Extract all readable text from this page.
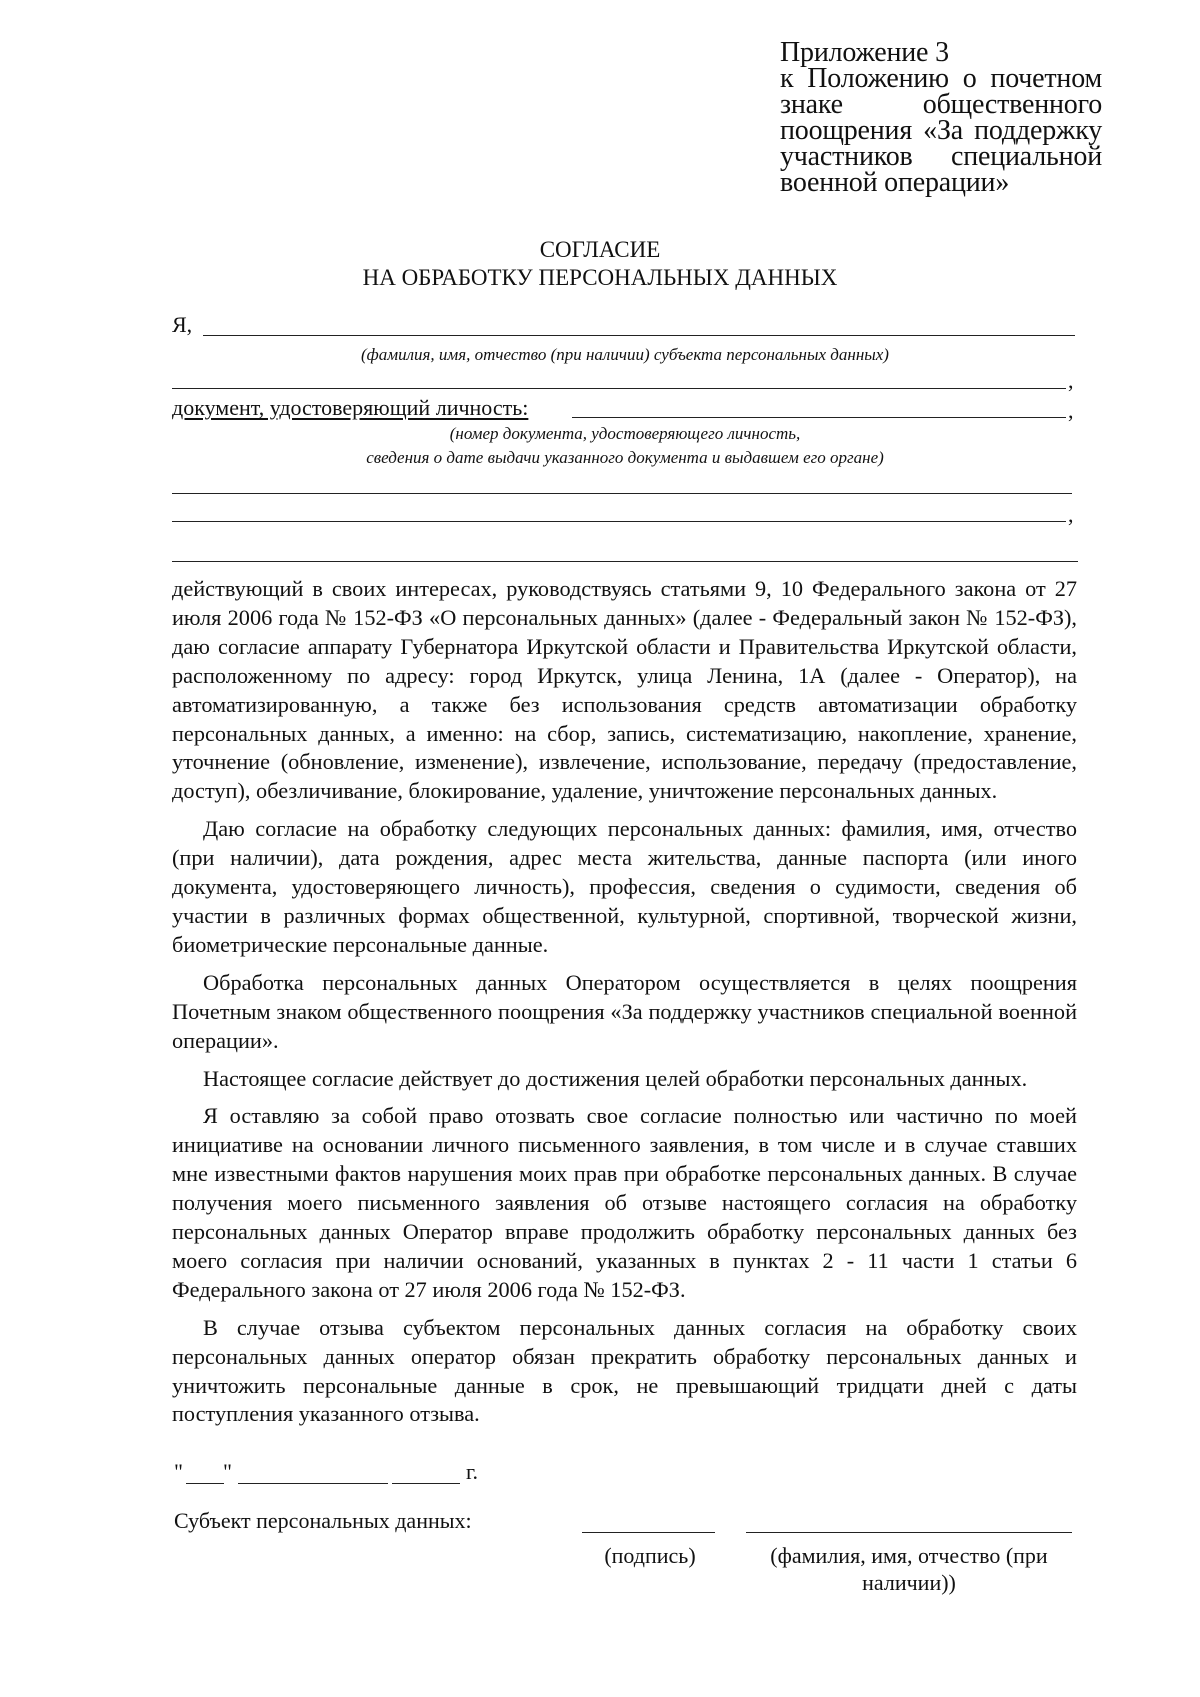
Приложение 3
к Положению о почетном
знаке общественного
поощрения «За поддержку
участников специальной
военной операции»
СОГЛАСИЕ
НА ОБРАБОТКУ ПЕРСОНАЛЬНЫХ ДАННЫХ
Я,
(фамилия, имя, отчество (при наличии) субъекта персональных данных)
,
документ, удостоверяющий личность:	,
(номер документа, удостоверяющего личность,
сведения о дате выдачи указанного документа и выдавшем его органе)
,

действующий в своих интересах, руководствуясь статьями 9, 10 Федерального закона от 27 июля 2006 года № 152-ФЗ «О персональных данных» (далее - Федеральный закон № 152-ФЗ), даю согласие аппарату Губернатора Иркутской области и Правительства Иркутской области, расположенному по адресу: город Иркутск, улица Ленина, 1А (далее - Оператор), на автоматизированную, а также без использования средств автоматизации обработку персональных данных, а именно: на сбор, запись, систематизацию, накопление, хранение, уточнение (обновление, изменение), извлечение, использование, передачу (предоставление, доступ), обезличивание, блокирование, удаление, уничтожение персональных данных.

Даю согласие на обработку следующих персональных данных: фамилия, имя, отчество (при наличии), дата рождения, адрес места жительства, данные паспорта (или иного документа, удостоверяющего личность), профессия, сведения о судимости, сведения об участии в различных формах общественной, культурной, спортивной, творческой жизни, биометрические персональные данные.

Обработка персональных данных Оператором осуществляется в целях поощрения Почетным знаком общественного поощрения «За поддержку участников специальной военной операции».

Настоящее согласие действует до достижения целей обработки персональных данных.

Я оставляю за собой право отозвать свое согласие полностью или частично по моей инициативе на основании личного письменного заявления, в том числе и в случае ставших мне известными фактов нарушения моих прав при обработке персональных данных. В случае получения моего письменного заявления об отзыве настоящего согласия на обработку персональных данных Оператор вправе продолжить обработку персональных данных без моего согласия при наличии оснований, указанных в пунктах 2 - 11 части 1 статьи 6 Федерального закона от 27 июля 2006 года № 152-ФЗ.

В случае отзыва субъектом персональных данных согласия на обработку своих персональных данных оператор обязан прекратить обработку персональных данных и уничтожить персональные данные в срок, не превышающий тридцати дней с даты поступления указанного отзыва.

" "	г.
Субъект персональных данных:
(подпись)	(фамилия, имя, отчество (при
наличии))
